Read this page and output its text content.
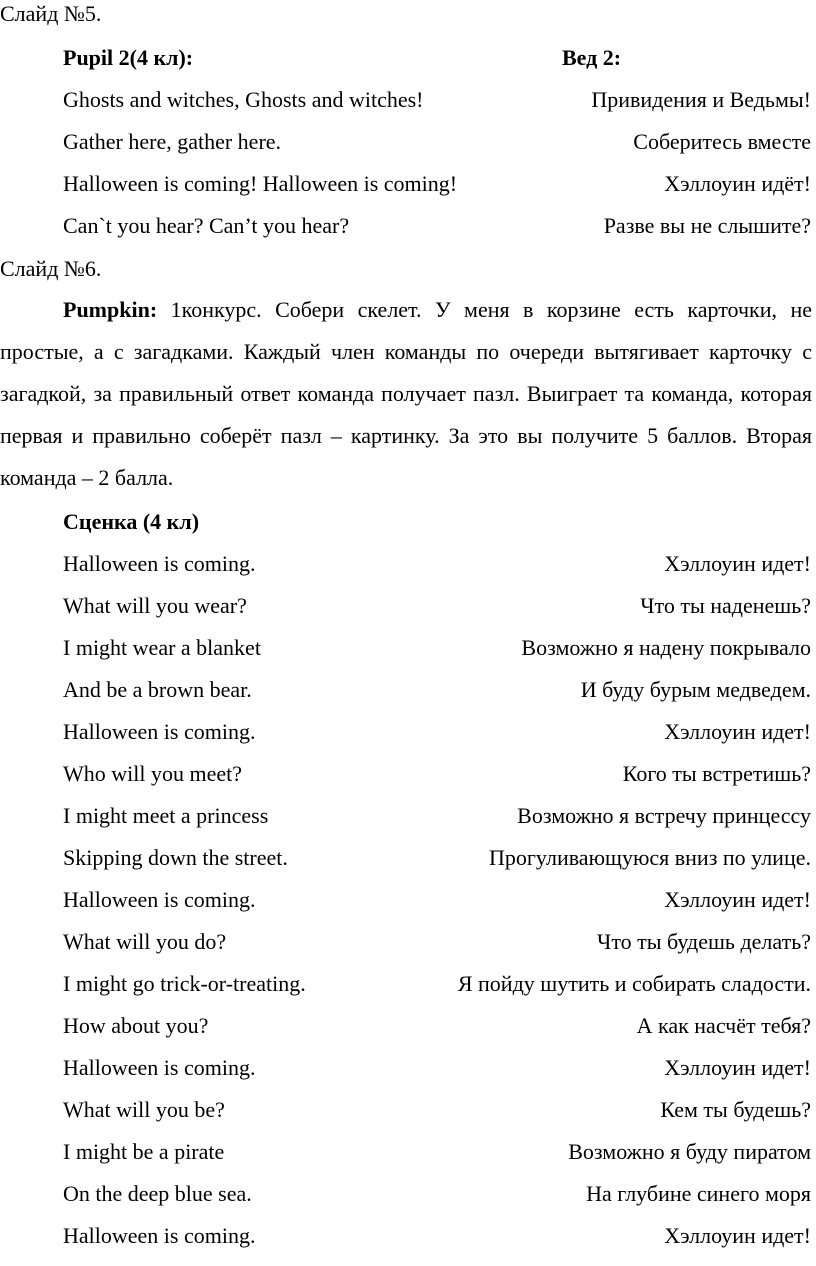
Слайд №5.
Pupil 2(4 кл):	Вед 2:
Ghosts and witches, Ghosts and witches!	Привидения и Ведьмы!
Gather here, gather here.	Соберитесь вместе
Halloween is coming! Halloween is coming!	Хэллоуин идёт!
Can`t you hear? Can’t you hear?	Разве вы не слышите?
Слайд №6.
Pumpkin: 1конкурс. Собери скелет. У меня в корзине есть карточки, не простые, а с загадками. Каждый член команды по очереди вытягивает карточку с загадкой, за правильный ответ команда получает пазл. Выиграет та команда, которая первая и правильно соберёт пазл – картинку. За это вы получите 5 баллов. Вторая команда – 2 балла.
Сценка (4 кл)
Halloween is coming.	Хэллоуин идет!
What will you wear?	Что ты наденешь?
I might wear a blanket	Возможно я надену покрывало
And be a brown bear.	И буду бурым медведем.
Halloween is coming.	Хэллоуин идет!
Who will you meet?	Кого ты встретишь?
I might meet a princess	Возможно я встречу принцессу
Skipping down the street.	Прогуливающуюся вниз по улице.
Halloween is coming.	Хэллоуин идет!
What will you do?	Что ты будешь делать?
I might go trick-or-treating.	Я пойду шутить и собирать сладости.
How about you?	А как насчёт тебя?
Halloween is coming.	Хэллоуин идет!
What will you be?	Кем ты будешь?
I might be a pirate	Возможно я буду пиратом
On the deep blue sea.	На глубине синего моря
Halloween is coming.	Хэллоуин идет!
